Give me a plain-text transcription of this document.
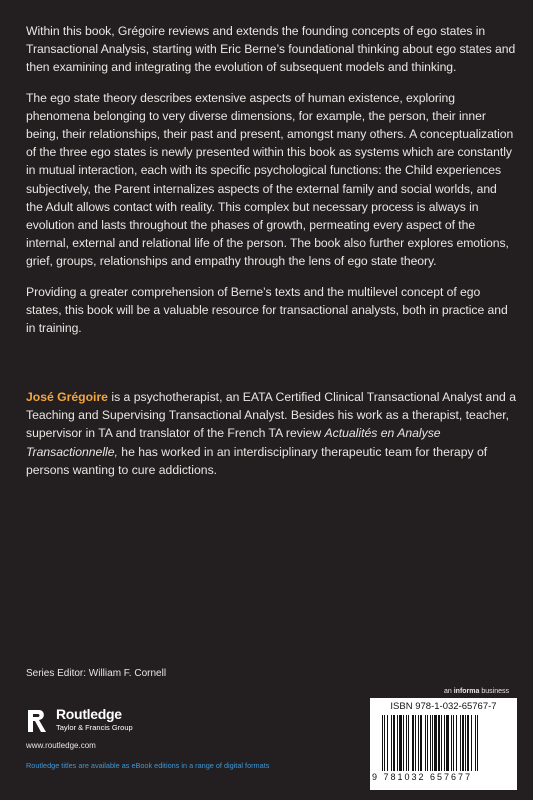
Within this book, Grégoire reviews and extends the founding concepts of ego states in Transactional Analysis, starting with Eric Berne’s foundational thinking about ego states and then examining and integrating the evolution of subsequent models and thinking.

The ego state theory describes extensive aspects of human existence, exploring phenomena belonging to very diverse dimensions, for example, the person, their inner being, their relationships, their past and present, amongst many others. A conceptualization of the three ego states is newly presented within this book as systems which are constantly in mutual interaction, each with its specific psychological functions: the Child experiences subjectively, the Parent internalizes aspects of the external family and social worlds, and the Adult allows contact with reality. This complex but necessary process is always in evolution and lasts throughout the phases of growth, permeating every aspect of the internal, external and relational life of the person. The book also further explores emotions, grief, groups, relationships and empathy through the lens of ego state theory.

Providing a greater comprehension of Berne’s texts and the multilevel concept of ego states, this book will be a valuable resource for transactional analysts, both in practice and in training.

José Grégoire is a psychotherapist, an EATA Certified Clinical Transactional Analyst and a Teaching and Supervising Transactional Analyst. Besides his work as a therapist, teacher, supervisor in TA and translator of the French TA review Actualités en Analyse Transactionnelle, he has worked in an interdisciplinary therapeutic team for therapy of persons wanting to cure addictions.
Series Editor: William F. Cornell
Routledge
Taylor & Francis Group
www.routledge.com
Routledge titles are available as eBook editions in a range of digital formats
an informa business
ISBN 978-1-032-65767-7
9 781032 657677
